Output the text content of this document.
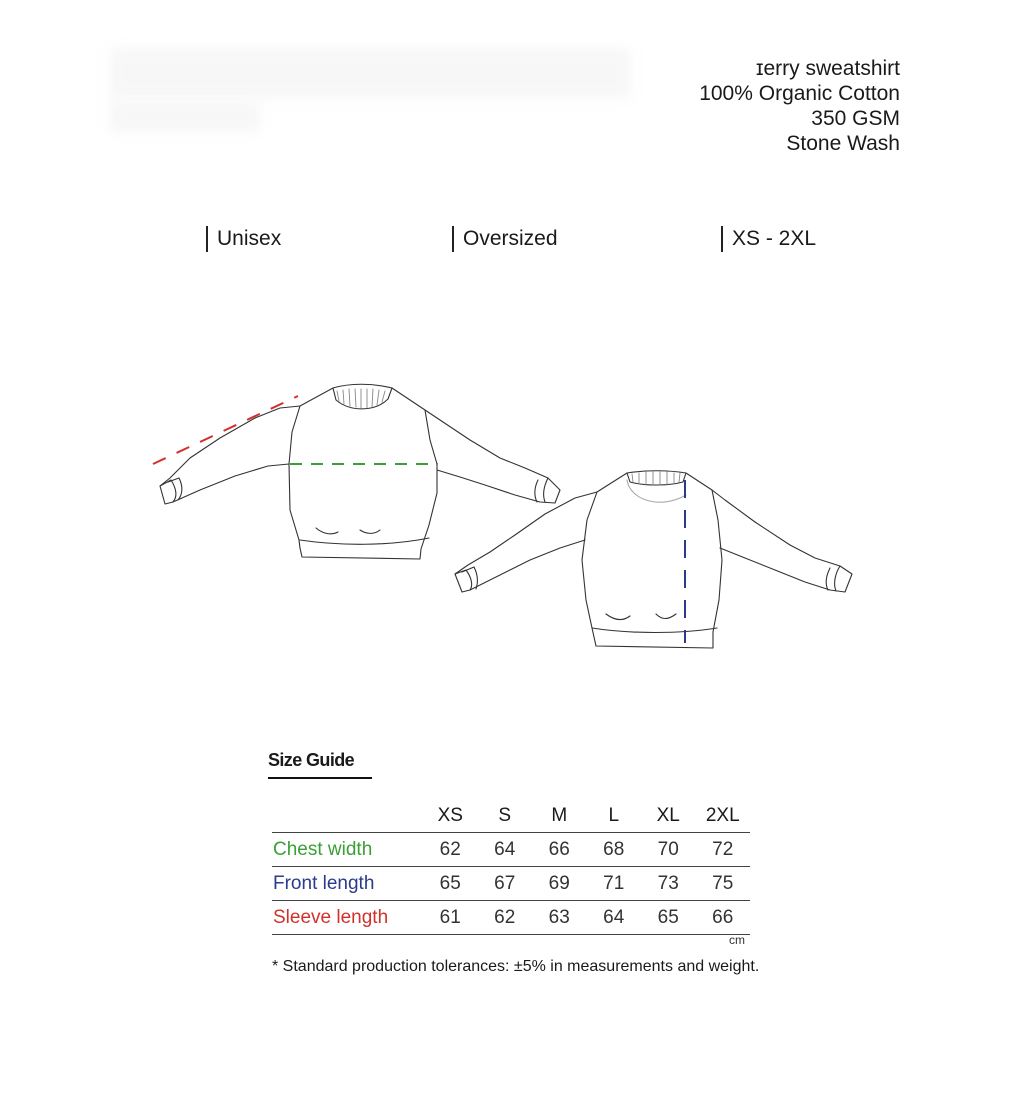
ɪerry sweatshirt
100% Organic Cotton
350 GSM
Stone Wash
Unisex	Oversized	XS - 2XL
Size Guide
	XS	S	M	L	XL	2XL
Chest width	62	64	66	68	70	72
Front length	65	67	69	71	73	75
Sleeve length	61	62	63	64	65	66
cm
* Standard production tolerances: ±5% in measurements and weight.
